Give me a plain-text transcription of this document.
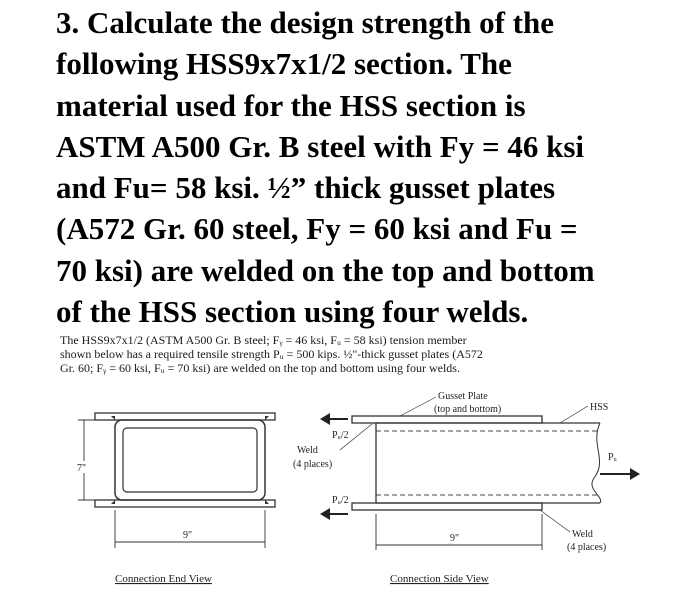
3. Calculate the design strength of the
following HSS9x7x1/2 section. The
material used for the HSS section is
ASTM A500 Gr. B steel with Fy = 46 ksi
and Fu= 58 ksi. ½” thick gusset plates
(A572 Gr. 60 steel, Fy = 60 ksi and Fu =
70 ksi) are welded on the top and bottom
of the HSS section using four welds.
The HSS9x7x1/2 (ASTM A500 Gr. B steel; Fᵧ = 46 ksi, Fᵤ = 58 ksi) tension member
shown below has a required tensile strength Pᵤ = 500 kips. ½"-thick gusset plates (A572
Gr. 60; Fᵧ = 60 ksi, Fᵤ = 70 ksi) are welded on the top and bottom using four welds.
7"
9"
Connection End View
Pᵤ/2
Pᵤ/2
Weld
(4 places)
Gusset Plate
(top and bottom)	HSS
Pᵤ
Weld
(4 places)
9"
Connection Side View
